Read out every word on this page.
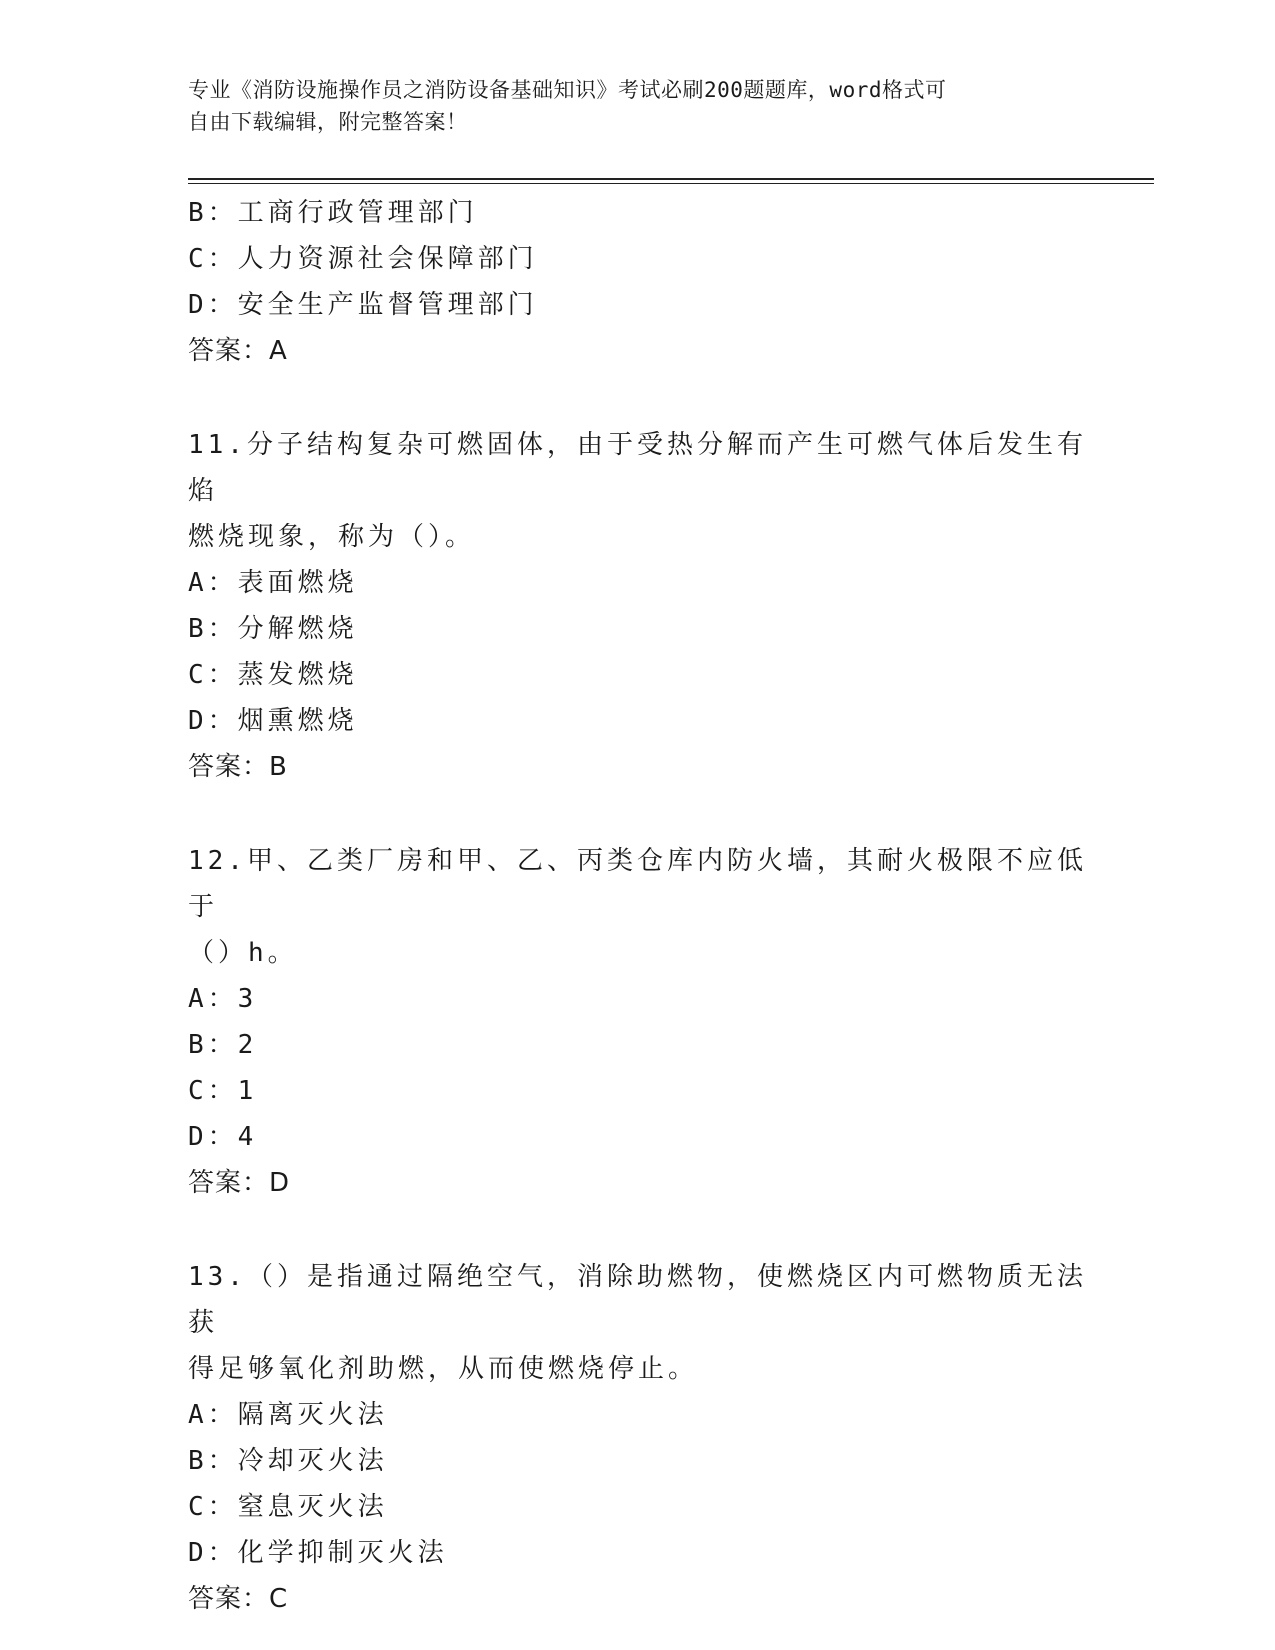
专业《消防设施操作员之消防设备基础知识》考试必刷200题题库，word格式可
自由下载编辑，附完整答案！
B：工商行政管理部门
C：人力资源社会保障部门
D：安全生产监督管理部门
答案：A
11.分子结构复杂可燃固体，由于受热分解而产生可燃气体后发生有焰
燃烧现象，称为（）。
A：表面燃烧
B：分解燃烧
C：蒸发燃烧
D：烟熏燃烧
答案：B
12.甲、乙类厂房和甲、乙、丙类仓库内防火墙，其耐火极限不应低于
（）h。
A：3
B：2
C：1
D：4
答案：D
13.（）是指通过隔绝空气，消除助燃物，使燃烧区内可燃物质无法获
得足够氧化剂助燃，从而使燃烧停止。
A：隔离灭火法
B：冷却灭火法
C：窒息灭火法
D：化学抑制灭火法
答案：C
